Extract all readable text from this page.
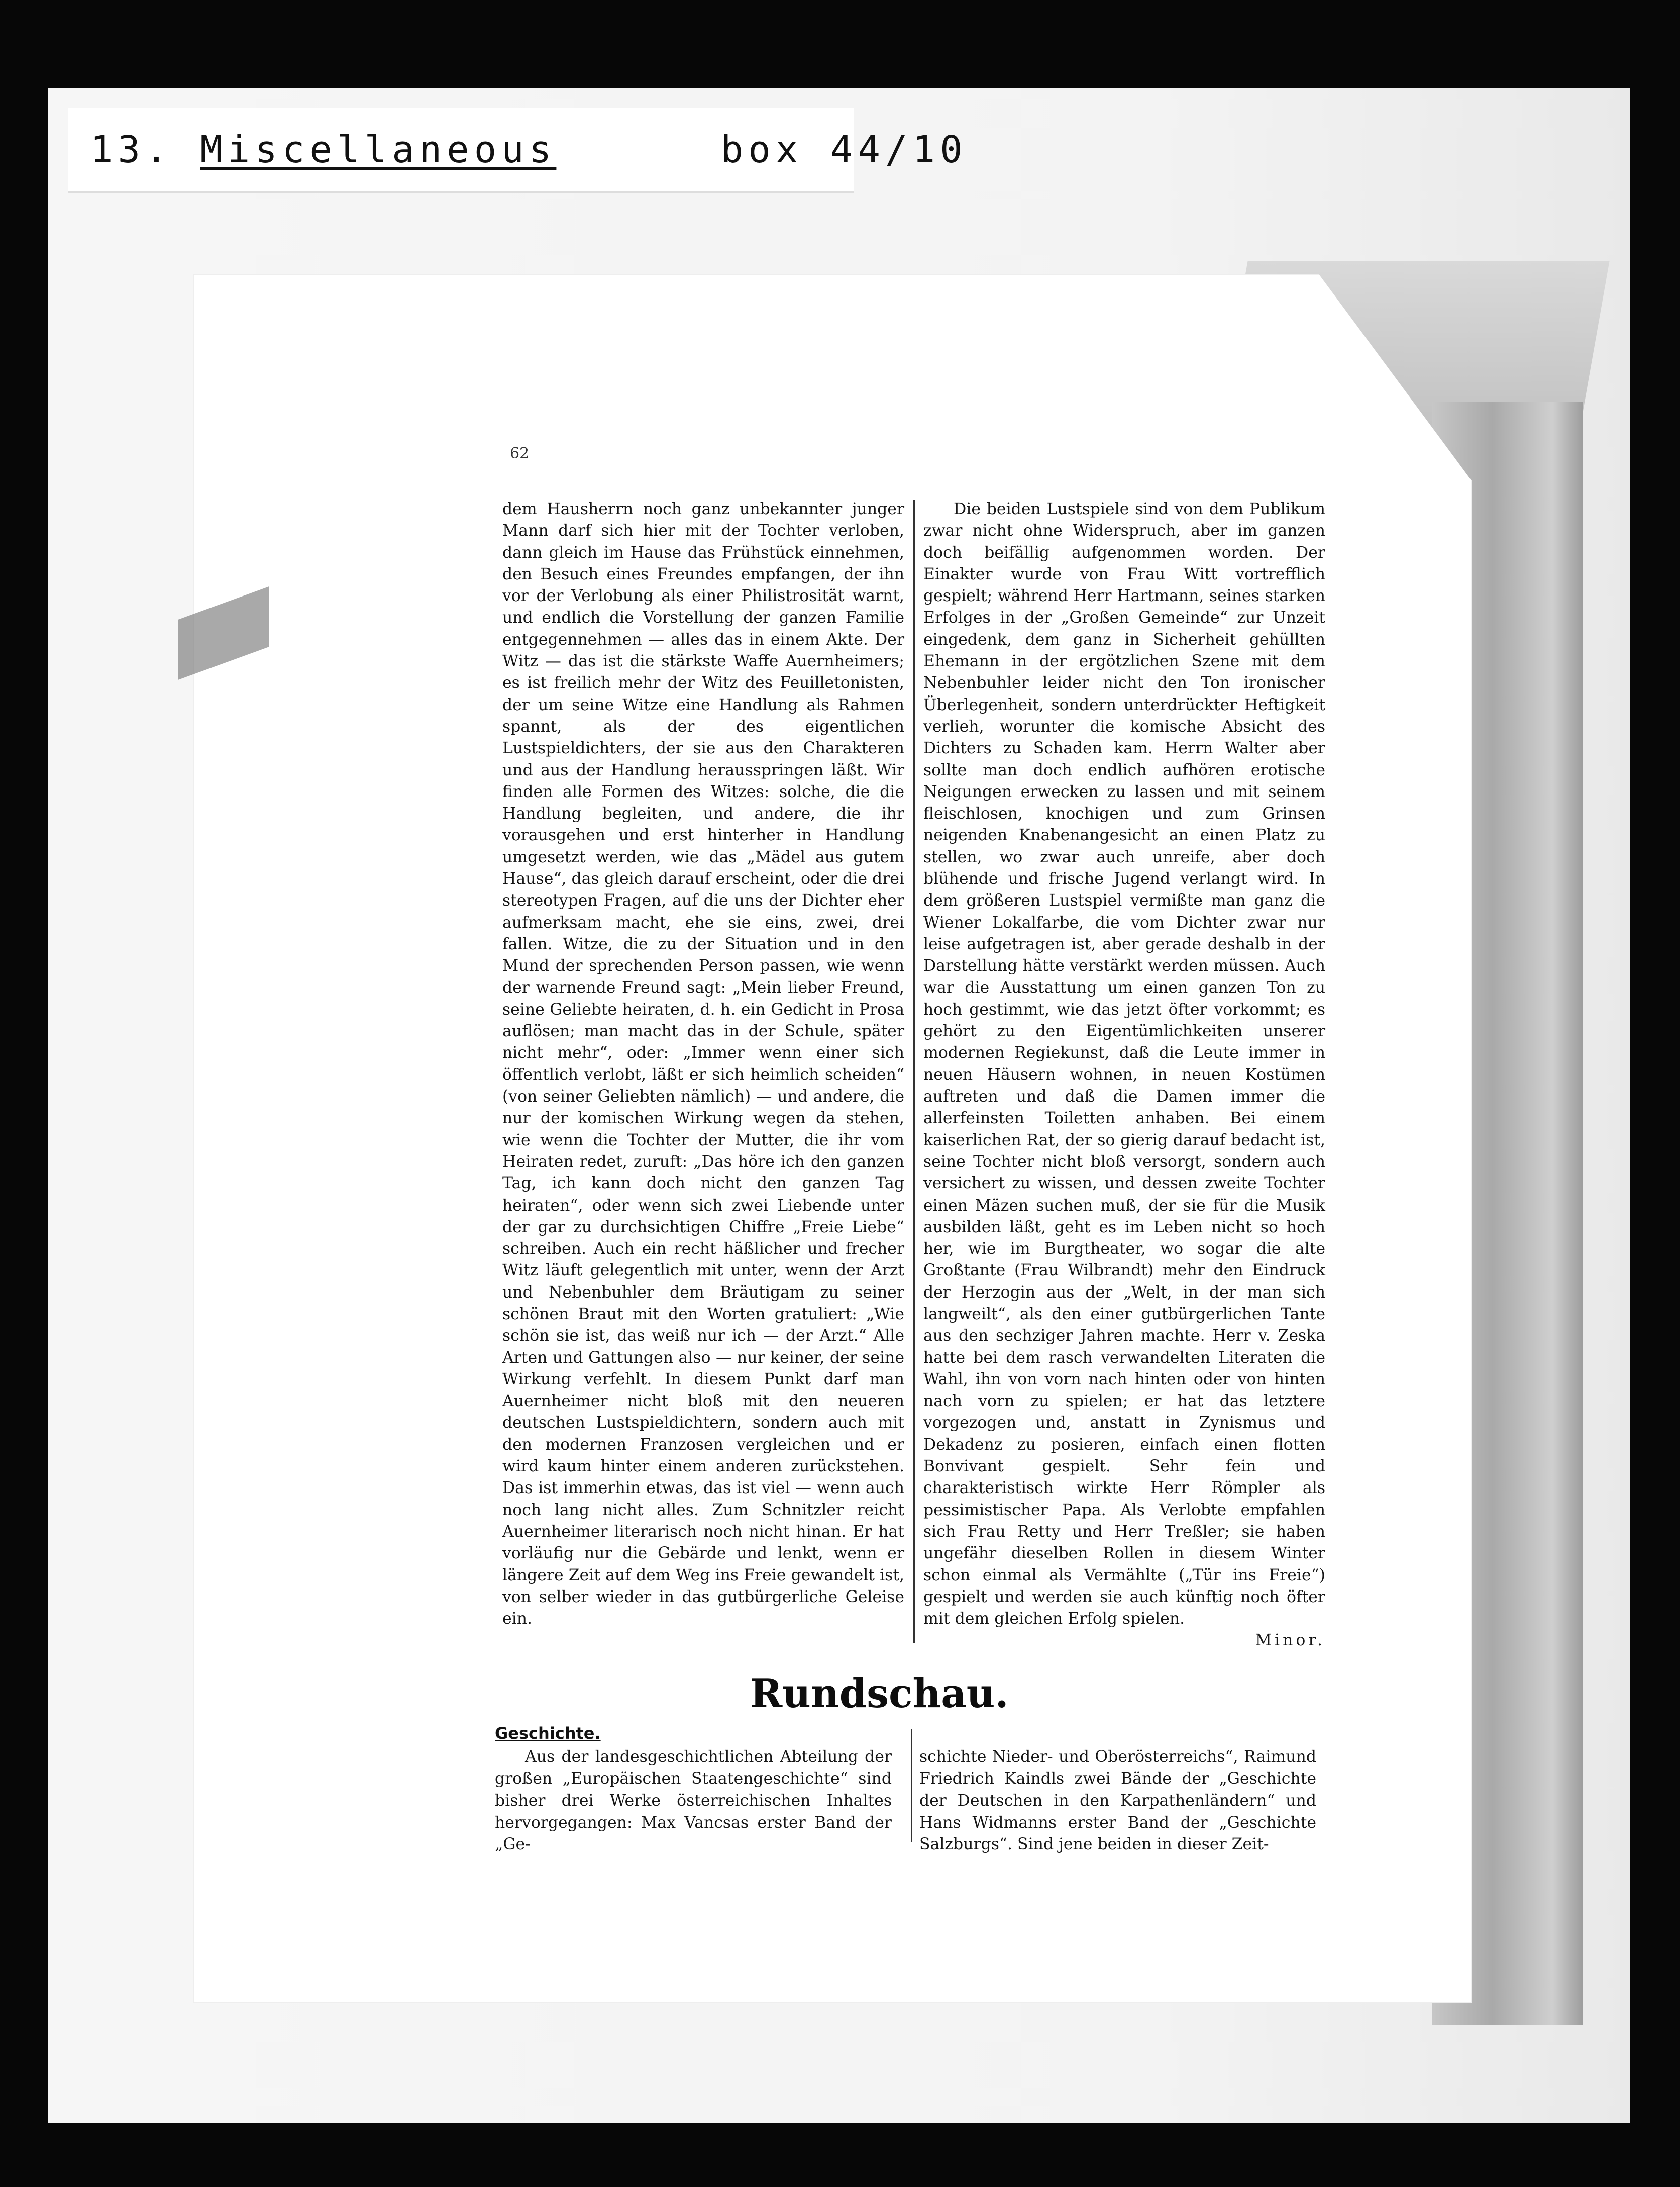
13. Miscellaneous	box 44/10
62

dem Hausherrn noch ganz unbekannter junger Mann darf sich hier mit der Tochter verloben, dann gleich im Hause das Frühstück einnehmen, den Besuch eines Freundes empfangen, der ihn vor der Verlobung als einer Philistrosität warnt, und endlich die Vorstellung der ganzen Familie entgegennehmen — alles das in einem Akte. Der Witz — das ist die stärkste Waffe Auernheimers; es ist freilich mehr der Witz des Feuilletonisten, der um seine Witze eine Handlung als Rahmen spannt, als der des eigentlichen Lustspieldichters, der sie aus den Charakteren und aus der Handlung herausspringen läßt. Wir finden alle Formen des Witzes: solche, die die Handlung begleiten, und andere, die ihr vorausgehen und erst hinterher in Handlung umgesetzt werden, wie das „Mädel aus gutem Hause“, das gleich darauf erscheint, oder die drei stereotypen Fragen, auf die uns der Dichter eher aufmerksam macht, ehe sie eins, zwei, drei fallen. Witze, die zu der Situation und in den Mund der sprechenden Person passen, wie wenn der warnende Freund sagt: „Mein lieber Freund, seine Geliebte heiraten, d. h. ein Gedicht in Prosa auflösen; man macht das in der Schule, später nicht mehr“, oder: „Immer wenn einer sich öffentlich verlobt, läßt er sich heimlich scheiden“ (von seiner Geliebten nämlich) — und andere, die nur der komischen Wirkung wegen da stehen, wie wenn die Tochter der Mutter, die ihr vom Heiraten redet, zuruft: „Das höre ich den ganzen Tag, ich kann doch nicht den ganzen Tag heiraten“, oder wenn sich zwei Liebende unter der gar zu durchsichtigen Chiffre „Freie Liebe“ schreiben. Auch ein recht häßlicher und frecher Witz läuft gelegentlich mit unter, wenn der Arzt und Nebenbuhler dem Bräutigam zu seiner schönen Braut mit den Worten gratuliert: „Wie schön sie ist, das weiß nur ich — der Arzt.“ Alle Arten und Gattungen also — nur keiner, der seine Wirkung verfehlt. In diesem Punkt darf man Auernheimer nicht bloß mit den neueren deutschen Lustspieldichtern, sondern auch mit den modernen Franzosen vergleichen und er wird kaum hinter einem anderen zurückstehen. Das ist immerhin etwas, das ist viel — wenn auch noch lang nicht alles. Zum Schnitzler reicht Auernheimer literarisch noch nicht hinan. Er hat vorläufig nur die Gebärde und lenkt, wenn er längere Zeit auf dem Weg ins Freie gewandelt ist, von selber wieder in das gutbürgerliche Geleise ein.

Die beiden Lustspiele sind von dem Publikum zwar nicht ohne Widerspruch, aber im ganzen doch beifällig aufgenommen worden. Der Einakter wurde von Frau Witt vortrefflich gespielt; während Herr Hartmann, seines starken Erfolges in der „Großen Gemeinde“ zur Unzeit eingedenk, dem ganz in Sicherheit gehüllten Ehemann in der ergötzlichen Szene mit dem Nebenbuhler leider nicht den Ton ironischer Überlegenheit, sondern unterdrückter Heftigkeit verlieh, worunter die komische Absicht des Dichters zu Schaden kam. Herrn Walter aber sollte man doch endlich aufhören erotische Neigungen erwecken zu lassen und mit seinem fleischlosen, knochigen und zum Grinsen neigenden Knabenangesicht an einen Platz zu stellen, wo zwar auch unreife, aber doch blühende und frische Jugend verlangt wird. In dem größeren Lustspiel vermißte man ganz die Wiener Lokalfarbe, die vom Dichter zwar nur leise aufgetragen ist, aber gerade deshalb in der Darstellung hätte verstärkt werden müssen. Auch war die Ausstattung um einen ganzen Ton zu hoch gestimmt, wie das jetzt öfter vorkommt; es gehört zu den Eigentümlichkeiten unserer modernen Regiekunst, daß die Leute immer in neuen Häusern wohnen, in neuen Kostümen auftreten und daß die Damen immer die allerfeinsten Toiletten anhaben. Bei einem kaiserlichen Rat, der so gierig darauf bedacht ist, seine Tochter nicht bloß versorgt, sondern auch versichert zu wissen, und dessen zweite Tochter einen Mäzen suchen muß, der sie für die Musik ausbilden läßt, geht es im Leben nicht so hoch her, wie im Burgtheater, wo sogar die alte Großtante (Frau Wilbrandt) mehr den Eindruck der Herzogin aus der „Welt, in der man sich langweilt“, als den einer gutbürgerlichen Tante aus den sechziger Jahren machte. Herr v. Zeska hatte bei dem rasch verwandelten Literaten die Wahl, ihn von vorn nach hinten oder von hinten nach vorn zu spielen; er hat das letztere vorgezogen und, anstatt in Zynismus und Dekadenz zu posieren, einfach einen flotten Bonvivant gespielt. Sehr fein und charakteristisch wirkte Herr Römpler als pessimistischer Papa. Als Verlobte empfahlen sich Frau Retty und Herr Treßler; sie haben ungefähr dieselben Rollen in diesem Winter schon einmal als Vermählte („Tür ins Freie“) gespielt und werden sie auch künftig noch öfter mit dem gleichen Erfolg spielen.

Minor.
Rundschau.
Geschichte.

Aus der landesgeschichtlichen Abteilung der großen „Europäischen Staatengeschichte“ sind bisher drei Werke österreichischen Inhaltes hervorgegangen: Max Vancsas erster Band der „Ge-

schichte Nieder- und Oberösterreichs“, Raimund Friedrich Kaindls zwei Bände der „Geschichte der Deutschen in den Karpathenländern“ und Hans Widmanns erster Band der „Geschichte Salzburgs“. Sind jene beiden in dieser Zeit-
